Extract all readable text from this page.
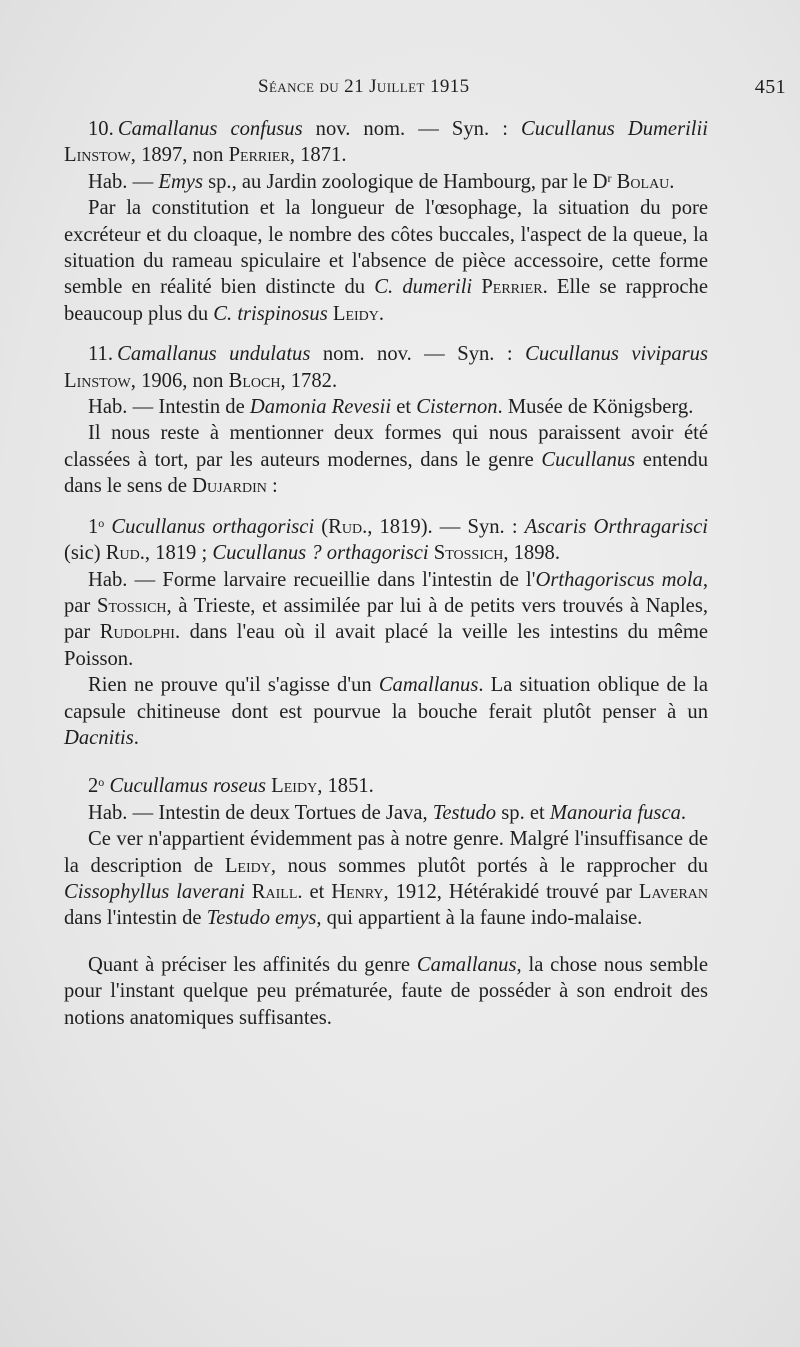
Séance du 21 Juillet 1915	451

10.  Camallanus confusus nov. nom. — Syn. : Cucullanus Dumerilii Linstow, 1897, non Perrier, 1871.

Hab. — Emys sp., au Jardin zoologique de Hambourg, par le $D^r$ Bolau.

Par la constitution et la longueur de l'œsophage, la situation du pore excréteur et du cloaque, le nombre des côtes buccales, l'aspect de la queue, la situation du rameau spiculaire et l'absence de pièce accessoire, cette forme semble en réalité bien distincte du C. dumerili Perrier. Elle se rapproche beaucoup plus du C. trispinosus Leidy.

11.  Camallanus undulatus nom. nov. — Syn. : Cucullanus viviparus Linstow, 1906, non Bloch, 1782.

Hab. — Intestin de Damonia Revesii et Cisternon. Musée de Königsberg.

Il nous reste à mentionner deux formes qui nous paraissent avoir été classées à tort, par les auteurs modernes, dans le genre Cucullanus entendu dans le sens de Dujardin :

1$^o$ Cucullanus orthagorisci (Rud., 1819). — Syn. : Ascaris Orthragarisci (sic) Rud., 1819 ; Cucullanus ? orthagorisci Stossich, 1898.

Hab. — Forme larvaire recueillie dans l'intestin de l'Orthagoriscus mola, par Stossich, à Trieste, et assimilée par lui à de petits vers trouvés à Naples, par Rudolphi. dans l'eau où il avait placé la veille les intestins du même Poisson.

Rien ne prouve qu'il s'agisse d'un Camallanus. La situation oblique de la capsule chitineuse dont est pourvue la bouche ferait plutôt penser à un Dacnitis.

2$^o$ Cucullamus roseus Leidy, 1851.

Hab. — Intestin de deux Tortues de Java, Testudo sp. et Manouria fusca.

Ce ver n'appartient évidemment pas à notre genre. Malgré l'insuffisance de la description de Leidy, nous sommes plutôt portés à le rapprocher du Cissophyllus laverani Raill. et Henry, 1912, Hétérakidé trouvé par Laveran dans l'intestin de Testudo emys, qui appartient à la faune indo-malaise.

Quant à préciser les affinités du genre Camallanus, la chose nous semble pour l'instant quelque peu prématurée, faute de posséder à son endroit des notions anatomiques suffisantes.
